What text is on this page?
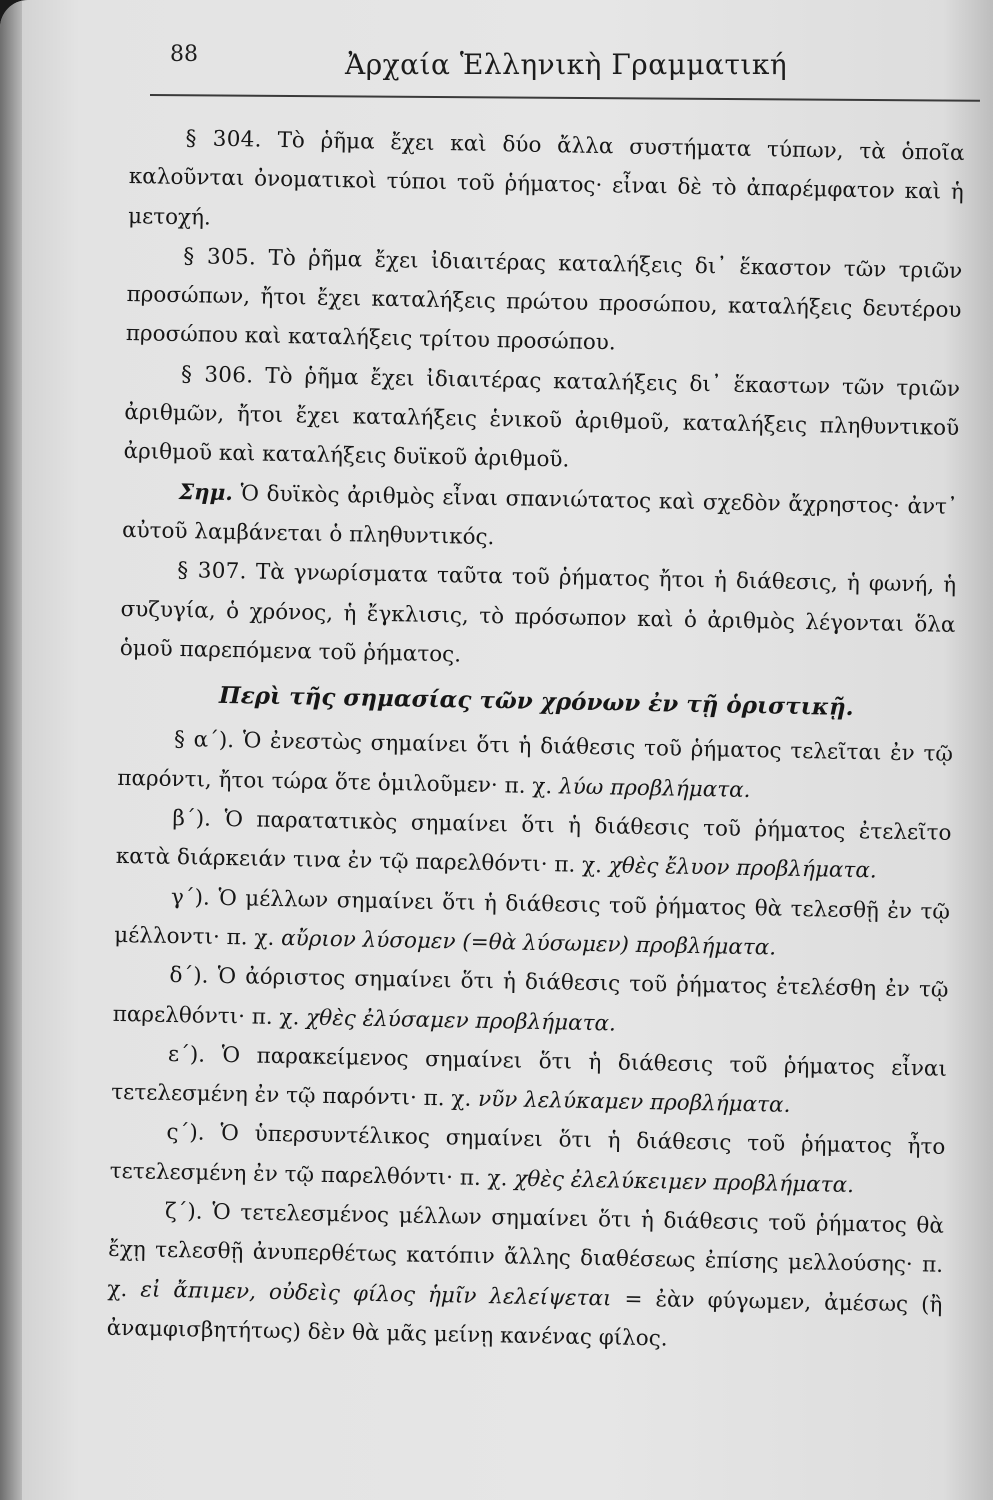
88	Ἀρχαία Ἑλληνικὴ Γραμματική

§ 304. Τὸ ῥῆμα ἔχει καὶ δύο ἄλλα συστήματα τύπων, τὰ ὁποῖα καλοῦνται ὀνοματικοὶ τύποι τοῦ ῥήματος· εἶναι δὲ τὸ ἀπαρέμφατον καὶ ἡ μετοχή.

§ 305. Τὸ ῥῆμα ἔχει ἰδιαιτέρας καταλήξεις δι᾽ ἕκαστον τῶν τριῶν προσώπων, ἤτοι ἔχει καταλήξεις πρώτου προσώπου, καταλήξεις δευτέρου προσώπου καὶ καταλήξεις τρίτου προσώπου.

§ 306. Τὸ ῥῆμα ἔχει ἰδιαιτέρας καταλήξεις δι᾽ ἕκαστων τῶν τριῶν ἀριθμῶν, ἤτοι ἔχει καταλήξεις ἑνικοῦ ἀριθμοῦ, καταλήξεις πληθυντικοῦ ἀριθμοῦ καὶ καταλήξεις δυϊκοῦ ἀριθμοῦ.

Σημ. Ὁ δυϊκὸς ἀριθμὸς εἶναι σπανιώτατος καὶ σχεδὸν ἄχρηστος· ἀντ᾽ αὐτοῦ λαμβάνεται ὁ πληθυντικός.

§ 307. Τὰ γνωρίσματα ταῦτα τοῦ ῥήματος ἤτοι ἡ διάθεσις, ἡ φωνή, ἡ συζυγία, ὁ χρόνος, ἡ ἔγκλισις, τὸ πρόσωπον καὶ ὁ ἀριθμὸς λέγονται ὅλα ὁμοῦ παρεπόμενα τοῦ ῥήματος.

Περὶ τῆς σημασίας τῶν χρόνων ἐν τῇ ὁριστικῇ.

§ α΄). Ὁ ἐνεστὼς σημαίνει ὅτι ἡ διάθεσις τοῦ ῥήματος τελεῖται ἐν τῷ παρόντι, ἤτοι τώρα ὅτε ὁμιλοῦμεν· π. χ. λύω προβλήματα.

β΄). Ὁ παρατατικὸς σημαίνει ὅτι ἡ διάθεσις τοῦ ῥήματος ἐτελεῖτο κατὰ διάρκειάν τινα ἐν τῷ παρελθόντι· π. χ. χθὲς ἔλυον προβλήματα.

γ΄). Ὁ μέλλων σημαίνει ὅτι ἡ διάθεσις τοῦ ῥήματος θὰ τελεσθῇ ἐν τῷ μέλλοντι· π. χ. αὔριον λύσομεν (=θὰ λύσωμεν) προβλήματα.

δ΄). Ὁ ἀόριστος σημαίνει ὅτι ἡ διάθεσις τοῦ ῥήματος ἐτελέσθη ἐν τῷ παρελθόντι· π. χ. χθὲς ἐλύσαμεν προβλήματα.

ε΄). Ὁ παρακείμενος σημαίνει ὅτι ἡ διάθεσις τοῦ ῥήματος εἶναι τετελεσμένη ἐν τῷ παρόντι· π. χ. νῦν λελύκαμεν προβλήματα.

ς΄). Ὁ ὑπερσυντέλικος σημαίνει ὅτι ἡ διάθεσις τοῦ ῥήματος ἦτο τετελεσμένη ἐν τῷ παρελθόντι· π. χ. χθὲς ἐλελύκειμεν προβλήματα.

ζ΄). Ὁ τετελεσμένος μέλλων σημαίνει ὅτι ἡ διάθεσις τοῦ ῥήματος θὰ ἔχῃ τελεσθῇ ἀνυπερθέτως κατόπιν ἄλλης διαθέσεως ἐπίσης μελλούσης· π. χ. εἰ ἄπιμεν, οὐδεὶς φίλος ἡμῖν λελείψεται = ἐὰν φύγωμεν, ἀμέσως (ἢ ἀναμφισβητήτως) δὲν θὰ μᾶς μείνῃ κανένας φίλος.
